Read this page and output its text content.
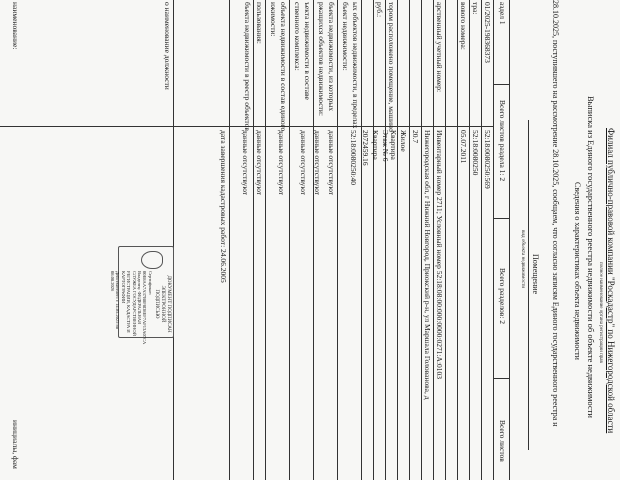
Филиал публично-правовой компании "Роскадастр" по Нижегородской области
полное наименование органа регистрации прав
Выписка из Единого государственного реестра недвижимости об объекте недвижимости
Сведения о характеристиках объекта недвижимости
28.10.2025, поступившего на рассмотрение 28.10.2025, сообщаем, что согласно записям Единого государственного реестра н
Помещение
вид объекта недвижимости
аздел 1
Всего листов раздела 1: 2
Всего разделов: 2
Всего листов
01/2025-198368373
тра:
вового номера:
арственный учетный номер:
руб.: тором расположено помещение, машино
ых объектов недвижимости, в пределах
бъект недвижимости:
бъекта недвижимости, из которых
ржащихся объектов недвижимости:
ъекта недвижимости в составе
ственного комплекса:
объекта недвижимости в состав единого
ижимости:
пользования:
бъекта недвижимости в реестр объектов
о наименование должности
наименование:
52:18:0080250:569
52:18:0080250
05.07.2011
Инвентарный номер 2711; Условный номер 52:18:08:00:000:0000:0271:А:0103
Нижегородская обл, г Нижний Новгород, Приокский р-н, ул Маршала Голованова, д
20.7
Жилое
Квартира
Этаж № 6
Квартира
2072459.16
52:18:0080250:40
данные отсутствуют
данные отсутствуют
данные отсутствуют
данные отсутствуют
данные отсутствуют
данные отсутствуют
дата завершения кадастровых работ: 24.06.2005
инициалы, фам
ДОКУМЕНТ ПОДПИСАН
ЭЛЕКТРОННОЙ ПОДПИСЬЮ
Сертификат: 00E8AA7A37B8F8D8EF7AF13A07CA
Владелец: ФЕДЕРАЛЬНАЯ СЛУЖБА ГОСУДАРСТВЕННОЙ
РЕГИСТРАЦИИ, КАДАСТРА И КАРТОГРАФИИ
Действителен: с 14.05.2025 по 08.08.2026
